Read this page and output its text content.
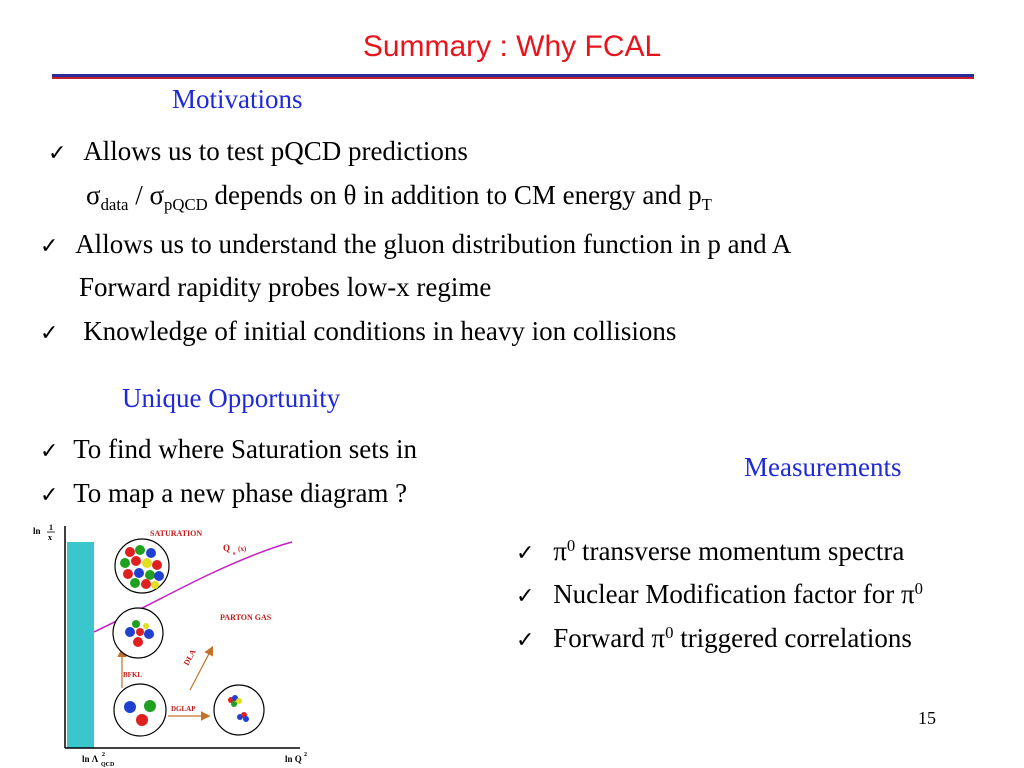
Summary : Why FCAL
Motivations
✓ Allows us to test pQCD predictions
$\sigma_{data} / \sigma_{pQCD}$ depends on θ in addition to CM energy and $p_T$
✓ Allows us to understand the gluon distribution function in p and A
Forward rapidity probes low-x regime
✓ Knowledge of initial conditions in heavy ion collisions
Unique Opportunity
✓ To find where Saturation sets in
✓ To map a new phase diagram ?
Measurements
✓ $\pi^0$ transverse momentum spectra
✓ Nuclear Modification factor for $\pi^0$
✓ Forward $\pi^0$ triggered correlations
15
ln 1
x
ln Λ 2
QCD
ln Q 2
SATURATION
Q
s
(x)
PARTON GAS
DLA
BFKL
DGLAP
